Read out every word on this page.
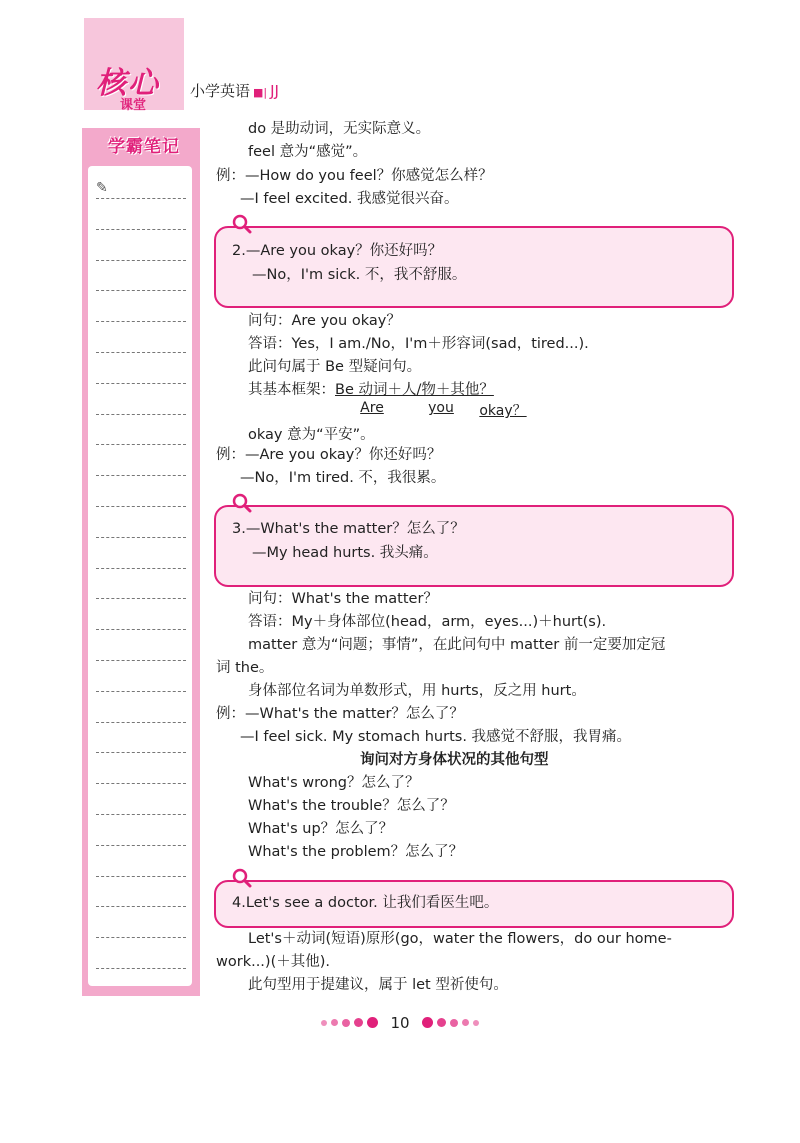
核心
课堂
小学英语 ■| JJ
学霸笔记
✎
do 是助动词，无实际意义。
feel 意为“感觉”。
例：—How do you feel？你感觉怎么样？
—I feel excited. 我感觉很兴奋。
2.—Are you okay？你还好吗？
—No，I'm sick. 不，我不舒服。
问句：Are you okay？
答语：Yes，I am./No，I'm＋形容词(sad，tired...).
此问句属于 Be 型疑问句。
其基本框架：Be 动词＋人/物＋其他？
Are	you okay？
okay 意为“平安”。
例：—Are you okay？你还好吗？
—No，I'm tired. 不，我很累。
3.—What's the matter？怎么了？
—My head hurts. 我头痛。
问句：What's the matter？
答语：My＋身体部位(head，arm，eyes...)＋hurt(s).
matter 意为“问题；事情”，在此问句中 matter 前一定要加定冠
词 the。
身体部位名词为单数形式，用 hurts，反之用 hurt。
例：—What's the matter？怎么了？
—I feel sick. My stomach hurts. 我感觉不舒服，我胃痛。
询问对方身体状况的其他句型
What's wrong？怎么了？
What's the trouble？怎么了？
What's up？怎么了？
What's the problem？怎么了？
4.Let's see a doctor. 让我们看医生吧。
Let's＋动词(短语)原形(go，water the flowers，do our home-
work...)(＋其他).
此句型用于提建议，属于 let 型祈使句。
10
